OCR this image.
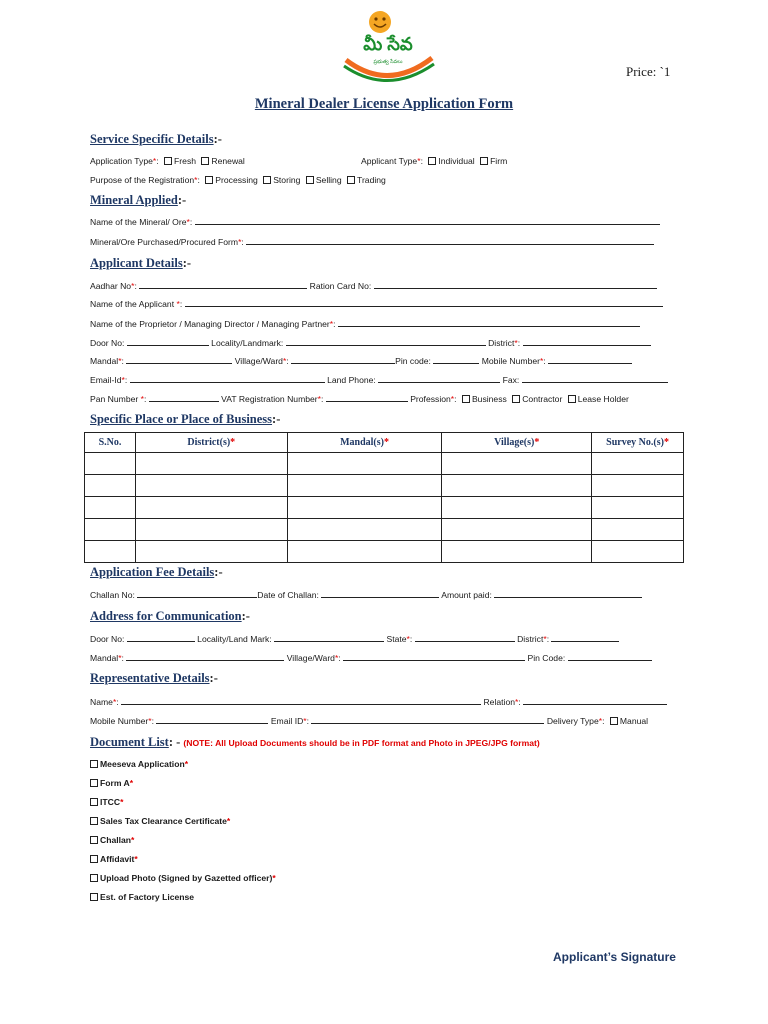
మీ సేవ
ప్రభుత్వ సేవలు
Price: `1
Mineral Dealer License Application Form
Service Specific Details:-
Application Type*: Fresh Renewal	Applicant Type*: Individual Firm
Purpose of the Registration*: Processing Storing Selling Trading
Mineral Applied:-
Name of the Mineral/ Ore*:
Mineral/Ore Purchased/Procured Form*:
Applicant Details:-
Aadhar No*:	Ration Card No:
Name of the Applicant *:
Name of the Proprietor / Managing Director / Managing Partner*:
Door No:	Locality/Landmark:	District*:
Mandal*:	Village/Ward*:	Pin code:	Mobile Number*:
Email-Id*:	Land Phone:	Fax:
Pan Number *:	VAT Registration Number*:	Profession*: Business Contractor Lease Holder
Specific Place or Place of Business:-
S.No.	District(s)*	Mandal(s)*	Village(s)*	Survey No.(s)*

Application Fee Details:-
Challan No:	Date of Challan:	Amount paid:
Address for Communication:-
Door No:	Locality/Land Mark:	State*:	District*:
Mandal*:	Village/Ward*:	Pin Code:
Representative Details:-
Name*:	Relation*:
Mobile Number*:	Email ID*:	Delivery Type*: Manual
Document List: - (NOTE: All Upload Documents should be in PDF format and Photo in JPEG/JPG format)
Meeseva Application*
Form A*
ITCC*
Sales Tax Clearance Certificate*
Challan*
Affidavit*
Upload Photo (Signed by Gazetted officer)*
Est. of Factory License
Applicant’s Signature
